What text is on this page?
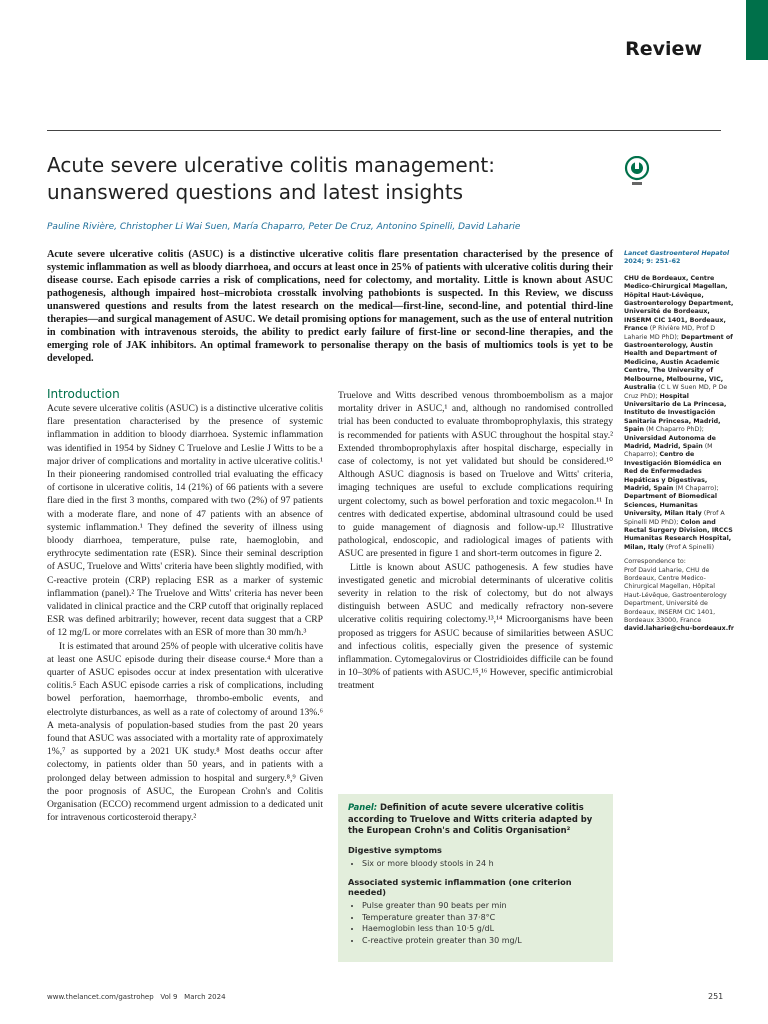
Review
Acute severe ulcerative colitis management: unanswered questions and latest insights
Pauline Rivière, Christopher Li Wai Suen, María Chaparro, Peter De Cruz, Antonino Spinelli, David Laharie
Acute severe ulcerative colitis (ASUC) is a distinctive ulcerative colitis flare presentation characterised by the presence of systemic inflammation as well as bloody diarrhoea, and occurs at least once in 25% of patients with ulcerative colitis during their disease course. Each episode carries a risk of complications, need for colectomy, and mortality. Little is known about ASUC pathogenesis, although impaired host–microbiota crosstalk involving pathobionts is suspected. In this Review, we discuss unanswered questions and results from the latest research on the medical—first-line, second-line, and potential third-line therapies—and surgical management of ASUC. We detail promising options for management, such as the use of enteral nutrition in combination with intravenous steroids, the ability to predict early failure of first-line or second-line therapies, and the emerging role of JAK inhibitors. An optimal framework to personalise therapy on the basis of multiomics tools is yet to be developed.
Lancet Gastroenterol Hepatol
2024; 9: 251–62
CHU de Bordeaux, Centre Medico-Chirurgical Magellan, Hôpital Haut-Lévêque, Gastroenterology Department, Université de Bordeaux, INSERM CIC 1401, Bordeaux, France (P Rivière MD, Prof D Laharie MD PhD); Department of Gastroenterology, Austin Health and Department of Medicine, Austin Academic Centre, The University of Melbourne, Melbourne, VIC, Australia (C L W Suen MD, P De Cruz PhD); Hospital Universitario de La Princesa, Instituto de Investigación Sanitaria Princesa, Madrid, Spain (M Chaparro PhD); Universidad Autonoma de Madrid, Madrid, Spain (M Chaparro); Centro de Investigación Biomédica en Red de Enfermedades Hepáticas y Digestivas, Madrid, Spain (M Chaparro); Department of Biomedical Sciences, Humanitas University, Milan Italy (Prof A Spinelli MD PhD); Colon and Rectal Surgery Division, IRCCS Humanitas Research Hospital, Milan, Italy (Prof A Spinelli)
Correspondence to:
Prof David Laharie, CHU de Bordeaux, Centre Medico-Chirurgical Magellan, Hôpital Haut-Lévêque, Gastroenterology Department, Université de Bordeaux, INSERM CIC 1401, Bordeaux 33000, France
david.laharie@chu-bordeaux.fr
Introduction

Acute severe ulcerative colitis (ASUC) is a distinctive ulcerative colitis flare presentation characterised by the presence of systemic inflammation in addition to bloody diarrhoea. Systemic inflammation was identified in 1954 by Sidney C Truelove and Leslie J Witts to be a major driver of complications and mortality in active ulcerative colitis.¹ In their pioneering randomised controlled trial evaluating the efficacy of cortisone in ulcerative colitis, 14 (21%) of 66 patients with a severe flare died in the first 3 months, compared with two (2%) of 97 patients with a moderate flare, and none of 47 patients with an absence of systemic inflammation.¹ They defined the severity of illness using bloody diarrhoea, temperature, pulse rate, haemoglobin, and erythrocyte sedimentation rate (ESR). Since their seminal description of ASUC, Truelove and Witts' criteria have been slightly modified, with C-reactive protein (CRP) replacing ESR as a marker of systemic inflammation (panel).² The Truelove and Witts' criteria has never been validated in clinical practice and the CRP cutoff that originally replaced ESR was defined arbitrarily; however, recent data suggest that a CRP of 12 mg/L or more correlates with an ESR of more than 30 mm/h.³

It is estimated that around 25% of people with ulcerative colitis have at least one ASUC episode during their disease course.⁴ More than a quarter of ASUC episodes occur at index presentation with ulcerative colitis.⁵ Each ASUC episode carries a risk of complications, including bowel perforation, haemorrhage, thrombo-embolic events, and electrolyte disturbances, as well as a rate of colectomy of around 13%.⁶ A meta-analysis of population-based studies from the past 20 years found that ASUC was associated with a mortality rate of approximately 1%,⁷ as supported by a 2021 UK study.⁸ Most deaths occur after colectomy, in patients older than 50 years, and in patients with a prolonged delay between admission to hospital and surgery.⁸,⁹ Given the poor prognosis of ASUC, the European Crohn's and Colitis Organisation (ECCO) recommend urgent admission to a dedicated unit for intravenous corticosteroid therapy.²

Truelove and Witts described venous thromboembolism as a major mortality driver in ASUC,¹ and, although no randomised controlled trial has been conducted to evaluate thromboprophylaxis, this strategy is recommended for patients with ASUC throughout the hospital stay.² Extended thromboprophylaxis after hospital discharge, especially in case of colectomy, is not yet validated but should be considered.¹⁰ Although ASUC diagnosis is based on Truelove and Witts' criteria, imaging techniques are useful to exclude complications requiring urgent colectomy, such as bowel perforation and toxic megacolon.¹¹ In centres with dedicated expertise, abdominal ultrasound could be used to guide management of diagnosis and follow-up.¹² Illustrative pathological, endoscopic, and radiological images of patients with ASUC are presented in figure 1 and short-term outcomes in figure 2.

Little is known about ASUC pathogenesis. A few studies have investigated genetic and microbial determinants of ulcerative colitis severity in relation to the risk of colectomy, but do not always distinguish between ASUC and medically refractory non-severe ulcerative colitis requiring colectomy.¹³,¹⁴ Microorganisms have been proposed as triggers for ASUC because of similarities between ASUC and infectious colitis, especially given the presence of systemic inflammation. Cytomegalovirus or Clostridioides difficile can be found in 10–30% of patients with ASUC.¹⁵,¹⁶ However, specific antimicrobial treatment

Panel: Definition of acute severe ulcerative colitis according to Truelove and Witts criteria adapted by the European Crohn's and Colitis Organisation²
Digestive symptoms
• Six or more bloody stools in 24 h
Associated systemic inflammation (one criterion needed)
• Pulse greater than 90 beats per min
• Temperature greater than 37·8°C
• Haemoglobin less than 10·5 g/dL
• C-reactive protein greater than 30 mg/L
www.thelancet.com/gastrohep   Vol 9   March 2024	251
